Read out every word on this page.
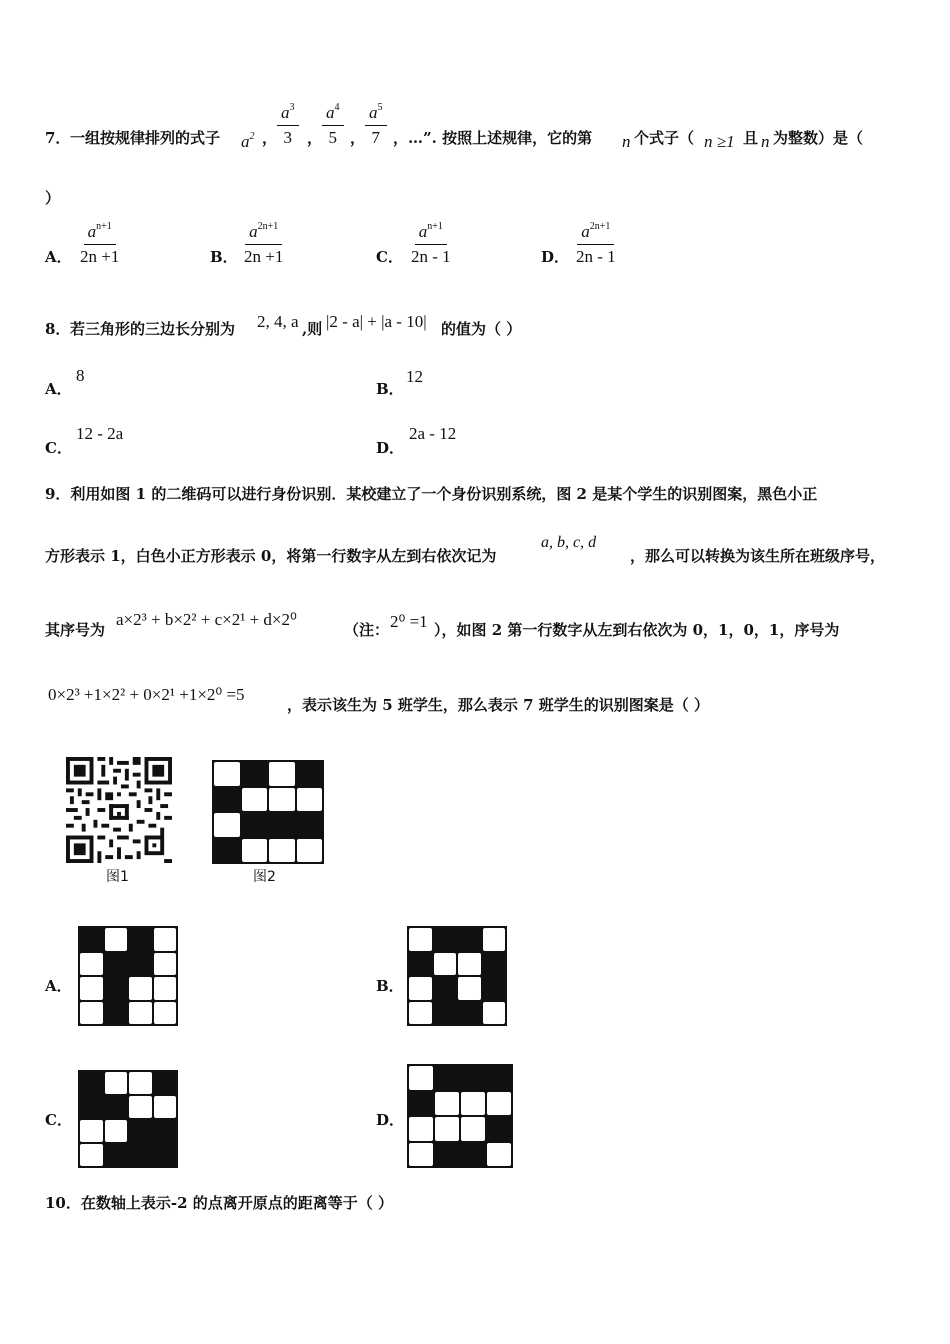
7． 一组按规律排列的式子 $a^2$ ， $\frac{a^3}{3}$ ， $\frac{a^4}{5}$ ， $\frac{a^5}{7}$ ，…”. 按照上述规律，它的第 n 个式子（ n ≥1 且 n 为整数）是（
）
A． $\frac{a^{n+1}}{2n +1}$	B． $\frac{a^{2n+1}}{2n +1}$	C． $\frac{a^{n+1}}{2n - 1}$	D． $\frac{a^{2n+1}}{2n - 1}$
8． 若三角形的三边长分别为 2, 4, a ,则 |2 - a| + |a - 10| 的值为（ ）
A．
8
B．
12
C．
12 - 2a
D．
2a - 12
9．利用如图 1 的二维码可以进行身份识别．某校建立了一个身份识别系统，图 2 是某个学生的识别图案，黑色小正
方形表示 1，白色小正方形表示 0，将第一行数字从左到右依次记为
a, b, c, d
，那么可以转换为该生所在班级序号，
其序号为
a×2³ + b×2² + c×2¹ + d×2⁰
（注： 2⁰ =1 ），如图 2 第一行数字从左到右依次为 0，1，0，1，序号为
0×2³ +1×2² + 0×2¹ +1×2⁰ =5
，表示该生为 5 班学生，那么表示 7 班学生的识别图案是（ ）
图1	图2
A．	B．
C．	D．
10．在数轴上表示-2 的点离开原点的距离等于（ ）
